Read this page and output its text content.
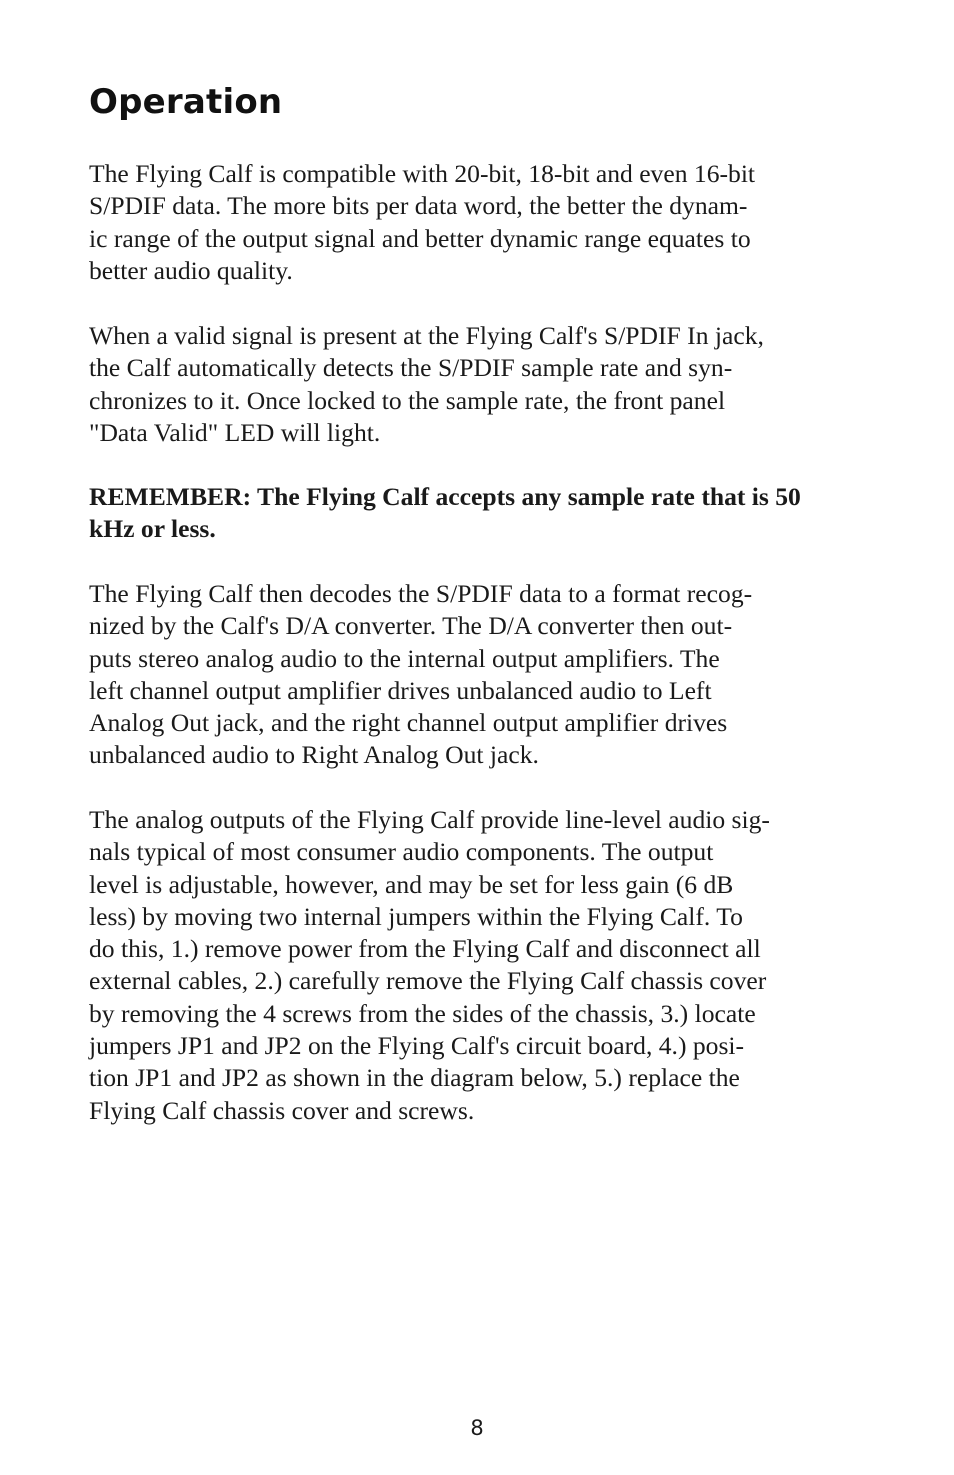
Operation

The Flying Calf is compatible with 20-bit, 18-bit and even 16-bit
S/PDIF data. The more bits per data word, the better the dynam-
ic range of the output signal and better dynamic range equates to
better audio quality.

When a valid signal is present at the Flying Calf's S/PDIF In jack,
the Calf automatically detects the S/PDIF sample rate and syn-
chronizes to it. Once locked to the sample rate, the front panel
"Data Valid" LED will light.

REMEMBER: The Flying Calf accepts any sample rate that is 50
kHz or less.

The Flying Calf then decodes the S/PDIF data to a format recog-
nized by the Calf's D/A converter. The D/A converter then out-
puts stereo analog audio to the internal output amplifiers. The
left channel output amplifier drives unbalanced audio to Left
Analog Out jack, and the right channel output amplifier drives
unbalanced audio to Right Analog Out jack.

The analog outputs of the Flying Calf provide line-level audio sig-
nals typical of most consumer audio components. The output
level is adjustable, however, and may be set for less gain (6 dB
less) by moving two internal jumpers within the Flying Calf. To
do this, 1.) remove power from the Flying Calf and disconnect all
external cables, 2.) carefully remove the Flying Calf chassis cover
by removing the 4 screws from the sides of the chassis, 3.) locate
jumpers JP1 and JP2 on the Flying Calf's circuit board, 4.) posi-
tion JP1 and JP2 as shown in the diagram below, 5.) replace the
Flying Calf chassis cover and screws.

8
